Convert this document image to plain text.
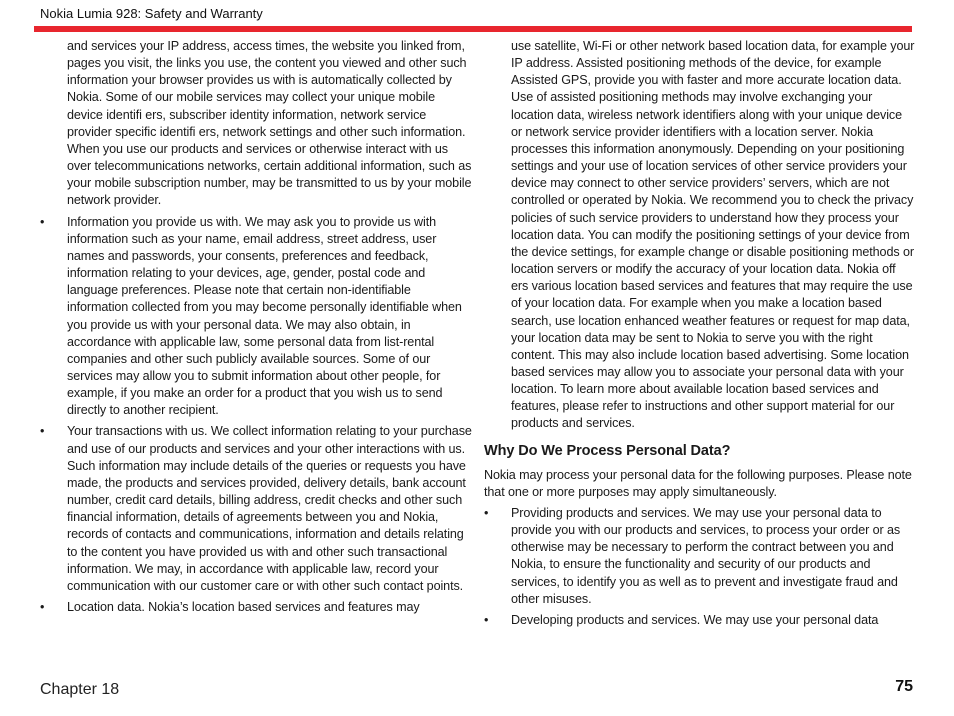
Nokia Lumia 928: Safety and Warranty

and services your IP address, access times, the website you linked from, pages you visit, the links you use, the content you viewed and other such information your browser provides us with is automatically collected by Nokia. Some of our mobile services may collect your unique mobile device identifi ers, subscriber identity information, network service provider specific identifi ers, network settings and other such information. When you use our products and services or otherwise interact with us over telecommunications networks, certain additional information, such as your mobile subscription number, may be transmitted to us by your mobile network provider.

• Information you provide us with. We may ask you to provide us with information such as your name, email address, street address, user names and passwords, your consents, preferences and feedback, information relating to your devices, age, gender, postal code and language preferences. Please note that certain non-identifiable information collected from you may become personally identifiable when you provide us with your personal data. We may also obtain, in accordance with applicable law, some personal data from list-rental companies and other such publicly available sources. Some of our services may allow you to submit information about other people, for example, if you make an order for a product that you wish us to send directly to another recipient.
• Your transactions with us. We collect information relating to your purchase and use of our products and services and your other interactions with us. Such information may include details of the queries or requests you have made, the products and services provided, delivery details, bank account number, credit card details, billing address, credit checks and other such financial information, details of agreements between you and Nokia, records of contacts and communications, information and details relating to the content you have provided us with and other such transactional information. We may, in accordance with applicable law, record your communication with our customer care or with other such contact points.
• Location data. Nokia’s location based services and features may

use satellite, Wi-Fi or other network based location data, for example your IP address. Assisted positioning methods of the device, for example Assisted GPS, provide you with faster and more accurate location data. Use of assisted positioning methods may involve exchanging your location data, wireless network identifiers along with your unique device or network service provider identifiers with a location server. Nokia processes this information anonymously. Depending on your positioning settings and your use of location services of other service providers your device may connect to other service providers’ servers, which are not controlled or operated by Nokia. We recommend you to check the privacy policies of such service providers to understand how they process your location data. You can modify the positioning settings of your device from the device settings, for example change or disable positioning methods or location servers or modify the accuracy of your location data. Nokia off ers various location based services and features that may require the use of your location data. For example when you make a location based search, use location enhanced weather features or request for map data, your location data may be sent to Nokia to serve you with the right content. This may also include location based advertising. Some location based services may allow you to associate your personal data with your location. To learn more about available location based services and features, please refer to instructions and other support material for our products and services.

Why Do We Process Personal Data?

Nokia may process your personal data for the following purposes. Please note that one or more purposes may apply simultaneously.

• Providing products and services. We may use your personal data to provide you with our products and services, to process your order or as otherwise may be necessary to perform the contract between you and Nokia, to ensure the functionality and security of our products and services, to identify you as well as to prevent and investigate fraud and other misuses.
• Developing products and services. We may use your personal data
Chapter 18	75
